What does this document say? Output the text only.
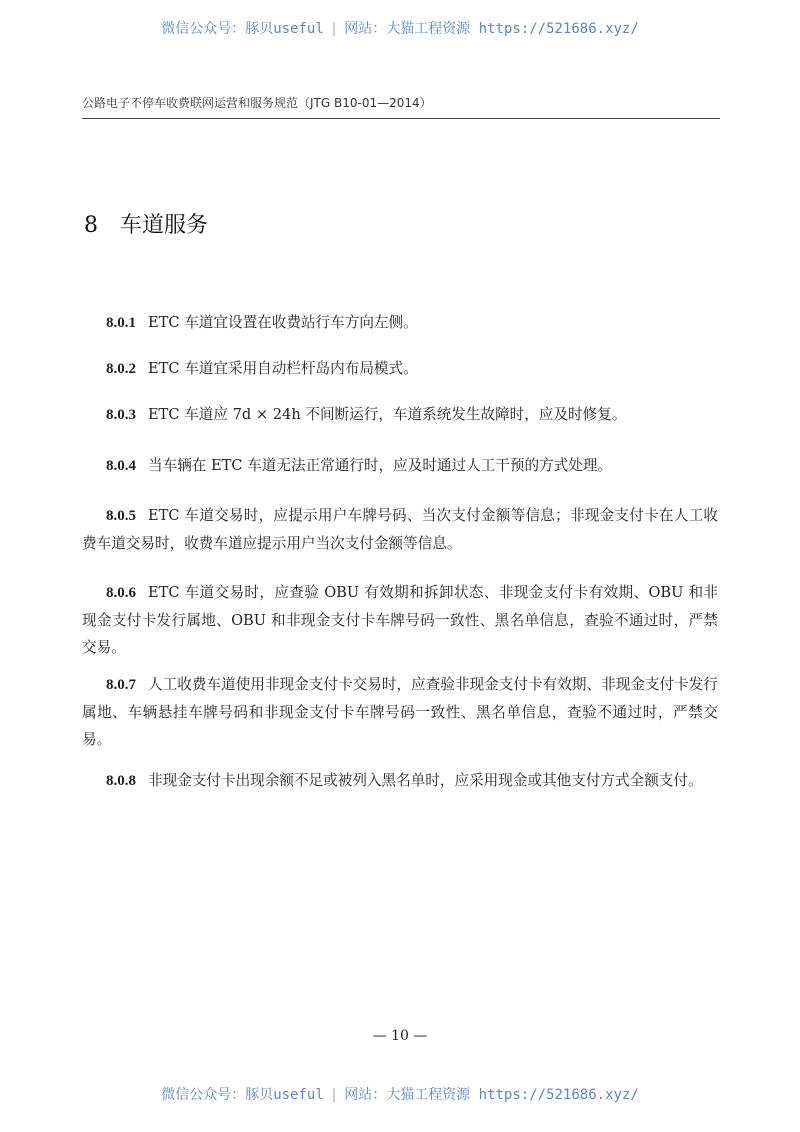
微信公众号：豚贝useful | 网站：大猫工程资源 https://521686.xyz/
公路电子不停车收费联网运营和服务规范（JTG B10-01—2014）
8 车道服务
8.0.1 ETC 车道宜设置在收费站行车方向左侧。
8.0.2 ETC 车道宜采用自动栏杆岛内布局模式。
8.0.3 ETC 车道应 7d × 24h 不间断运行，车道系统发生故障时，应及时修复。
8.0.4 当车辆在 ETC 车道无法正常通行时，应及时通过人工干预的方式处理。
8.0.5 ETC 车道交易时，应提示用户车牌号码、当次支付金额等信息；非现金支付卡在人工收费车道交易时，收费车道应提示用户当次支付金额等信息。
8.0.6 ETC 车道交易时，应查验 OBU 有效期和拆卸状态、非现金支付卡有效期、OBU 和非现金支付卡发行属地、OBU 和非现金支付卡车牌号码一致性、黑名单信息，查验不通过时，严禁交易。
8.0.7 人工收费车道使用非现金支付卡交易时，应查验非现金支付卡有效期、非现金支付卡发行属地、车辆悬挂车牌号码和非现金支付卡车牌号码一致性、黑名单信息，查验不通过时，严禁交易。
8.0.8 非现金支付卡出现余额不足或被列入黑名单时，应采用现金或其他支付方式全额支付。
— 10 —
微信公众号：豚贝useful | 网站：大猫工程资源 https://521686.xyz/
